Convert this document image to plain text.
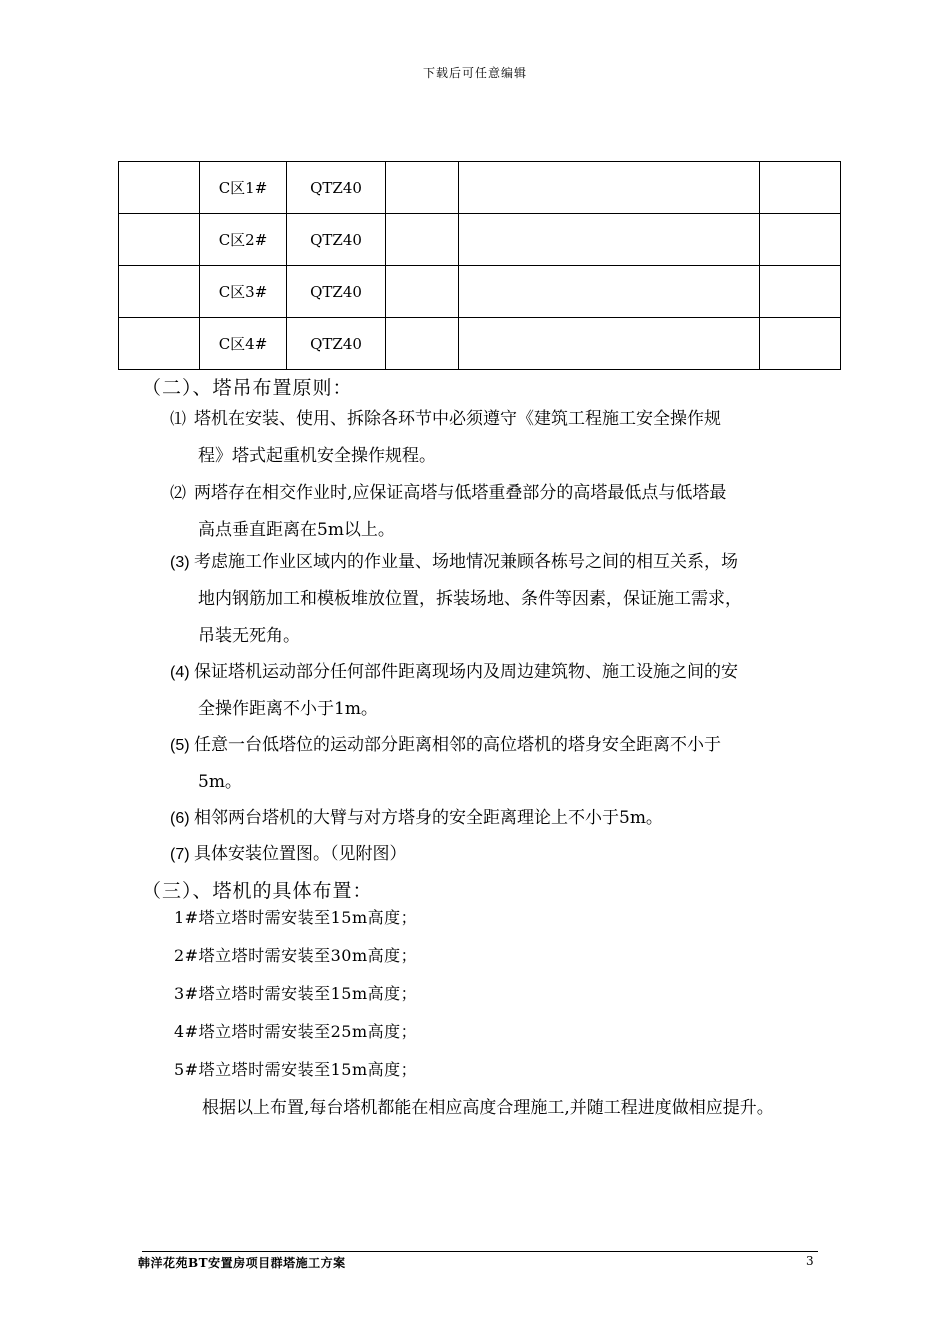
下载后可任意编辑
	C区1#	QTZ40			
	C区2#	QTZ40			
	C区3#	QTZ40			
	C区4#	QTZ40			
（二）、塔吊布置原则：
⑴ 塔机在安装、使用、拆除各环节中必须遵守《建筑工程施工安全操作规
程》塔式起重机安全操作规程。
⑵ 两塔存在相交作业时,应保证高塔与低塔重叠部分的高塔最低点与低塔最
高点垂直距离在5m以上。
(3) 考虑施工作业区域内的作业量、场地情况兼顾各栋号之间的相互关系，场
地内钢筋加工和模板堆放位置，拆装场地、条件等因素，保证施工需求，
吊装无死角。
(4) 保证塔机运动部分任何部件距离现场内及周边建筑物、施工设施之间的安
全操作距离不小于1m。
(5) 任意一台低塔位的运动部分距离相邻的高位塔机的塔身安全距离不小于
5m。
(6) 相邻两台塔机的大臂与对方塔身的安全距离理论上不小于5m。
(7) 具体安装位置图。（见附图）
（三）、塔机的具体布置：
1#塔立塔时需安装至15m高度；
2#塔立塔时需安装至30m高度；
3#塔立塔时需安装至15m高度；
4#塔立塔时需安装至25m高度；
5#塔立塔时需安装至15m高度；
根据以上布置,每台塔机都能在相应高度合理施工,并随工程进度做相应提升。
韩洋花苑BT安置房项目群塔施工方案	3
